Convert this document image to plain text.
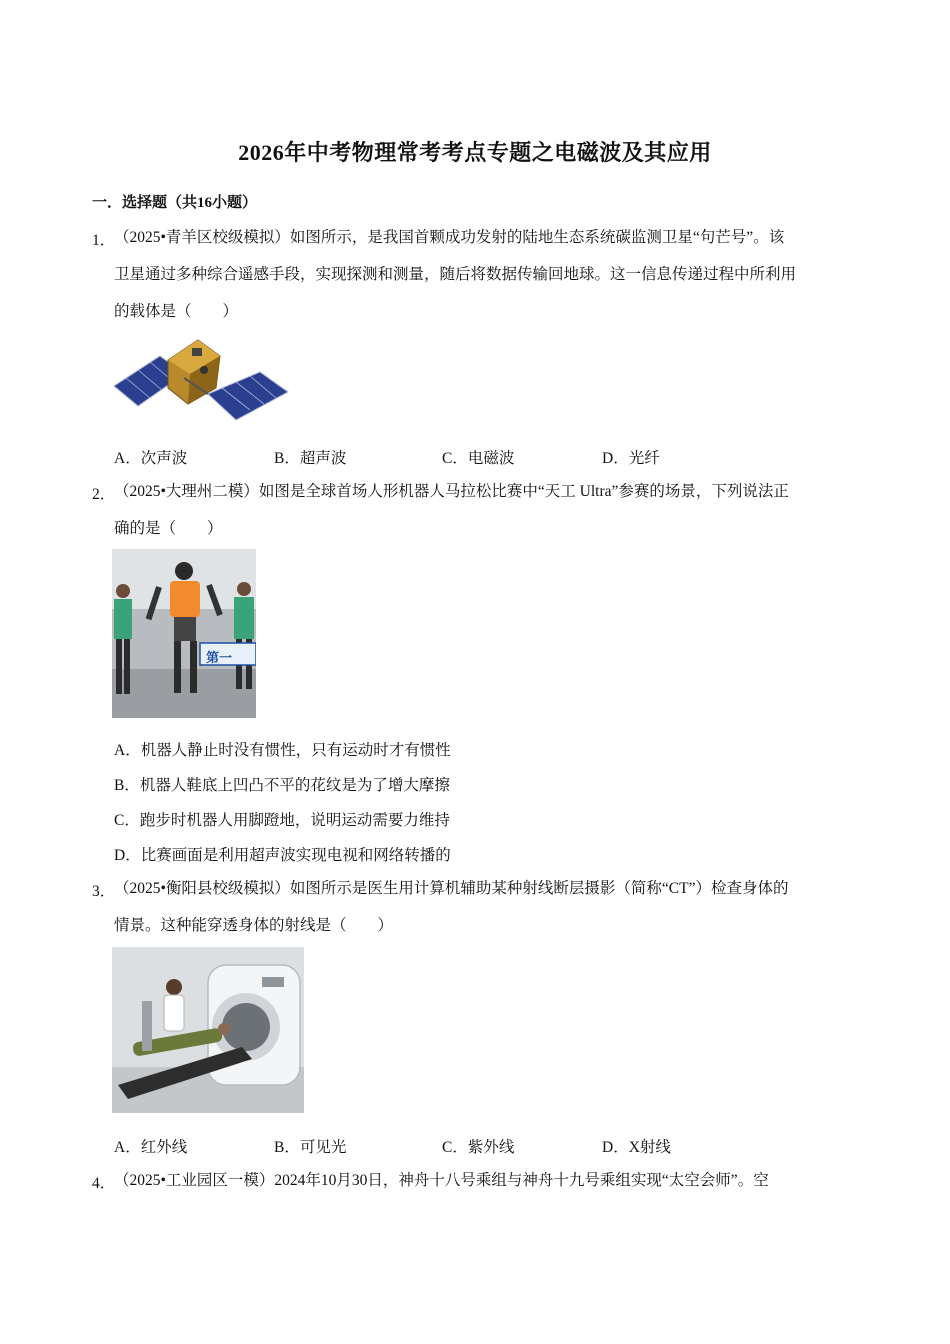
2026年中考物理常考考点专题之电磁波及其应用
一．选择题（共16小题）
1．
（2025•青羊区校级模拟）如图所示，是我国首颗成功发射的陆地生态系统碳监测卫星“句芒号”。该
卫星通过多种综合遥感手段，实现探测和测量，随后将数据传输回地球。这一信息传递过程中所利用
的载体是（　　）
A．次声波	B．超声波	C．电磁波	D．光纤
2．
（2025•大理州二模）如图是全球首场人形机器人马拉松比赛中“天工 Ultra”参赛的场景，下列说法正
确的是（　　）
第一
A．机器人静止时没有惯性，只有运动时才有惯性
B．机器人鞋底上凹凸不平的花纹是为了增大摩擦
C．跑步时机器人用脚蹬地，说明运动需要力维持
D．比赛画面是利用超声波实现电视和网络转播的
3．
（2025•衡阳县校级模拟）如图所示是医生用计算机辅助某种射线断层摄影（简称“CT”）检查身体的
情景。这种能穿透身体的射线是（　　）
A．红外线	B．可见光	C．紫外线	D．X射线
4．
（2025•工业园区一模）2024年10月30日，神舟十八号乘组与神舟十九号乘组实现“太空会师”。空
